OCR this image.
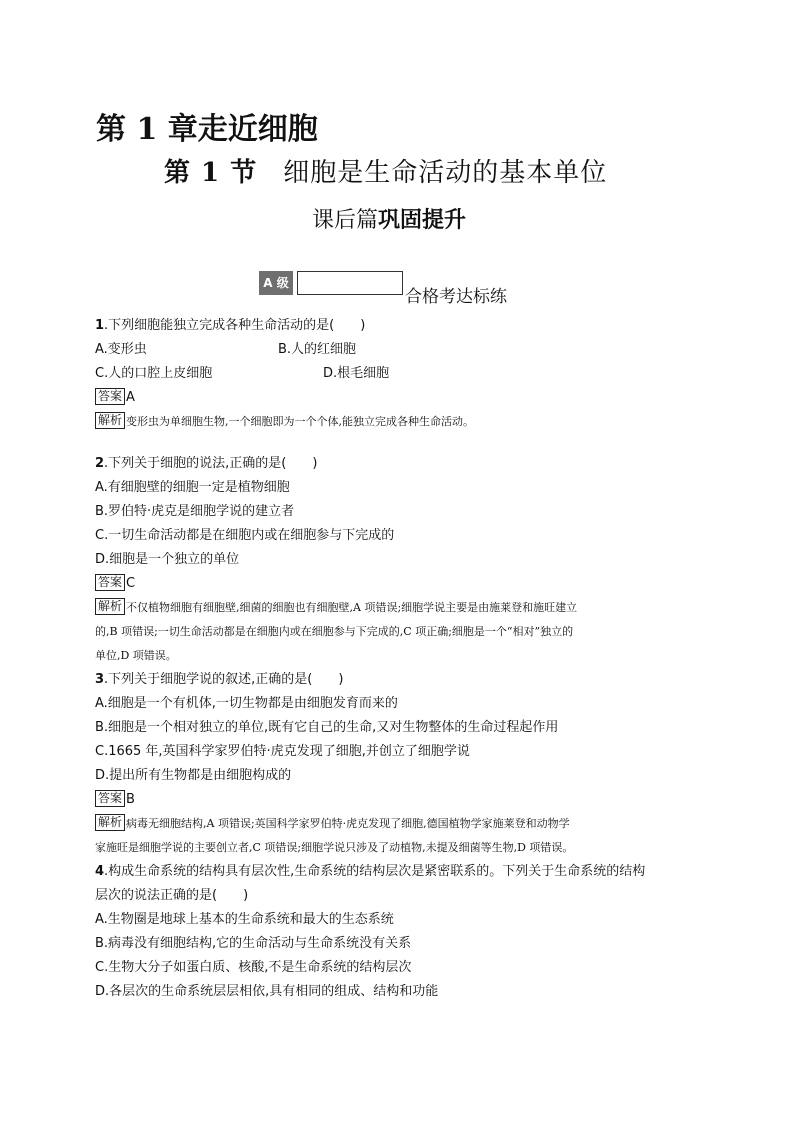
第 1 章走近细胞
第 1 节 细胞是生命活动的基本单位
课后篇巩固提升
A 级
合格考达标练
1.下列细胞能独立完成各种生命活动的是(　　)
A.变形虫	B.人的红细胞
C.人的口腔上皮细胞	D.根毛细胞
答案 A
解析 变形虫为单细胞生物,一个细胞即为一个个体,能独立完成各种生命活动。
2.下列关于细胞的说法,正确的是(　　)
A.有细胞壁的细胞一定是植物细胞
B.罗伯特·虎克是细胞学说的建立者
C.一切生命活动都是在细胞内或在细胞参与下完成的
D.细胞是一个独立的单位
答案 C
解析 不仅植物细胞有细胞壁,细菌的细胞也有细胞壁,A 项错误;细胞学说主要是由施莱登和施旺建立
的,B 项错误;一切生命活动都是在细胞内或在细胞参与下完成的,C 项正确;细胞是一个“相对”独立的
单位,D 项错误。
3.下列关于细胞学说的叙述,正确的是(　　)
A.细胞是一个有机体,一切生物都是由细胞发育而来的
B.细胞是一个相对独立的单位,既有它自己的生命,又对生物整体的生命过程起作用
C.1665 年,英国科学家罗伯特·虎克发现了细胞,并创立了细胞学说
D.提出所有生物都是由细胞构成的
答案 B
解析 病毒无细胞结构,A 项错误;英国科学家罗伯特·虎克发现了细胞,德国植物学家施莱登和动物学
家施旺是细胞学说的主要创立者,C 项错误;细胞学说只涉及了动植物,未提及细菌等生物,D 项错误。
4.构成生命系统的结构具有层次性,生命系统的结构层次是紧密联系的。下列关于生命系统的结构
层次的说法正确的是(　　)
A.生物圈是地球上基本的生命系统和最大的生态系统
B.病毒没有细胞结构,它的生命活动与生命系统没有关系
C.生物大分子如蛋白质、核酸,不是生命系统的结构层次
D.各层次的生命系统层层相依,具有相同的组成、结构和功能
